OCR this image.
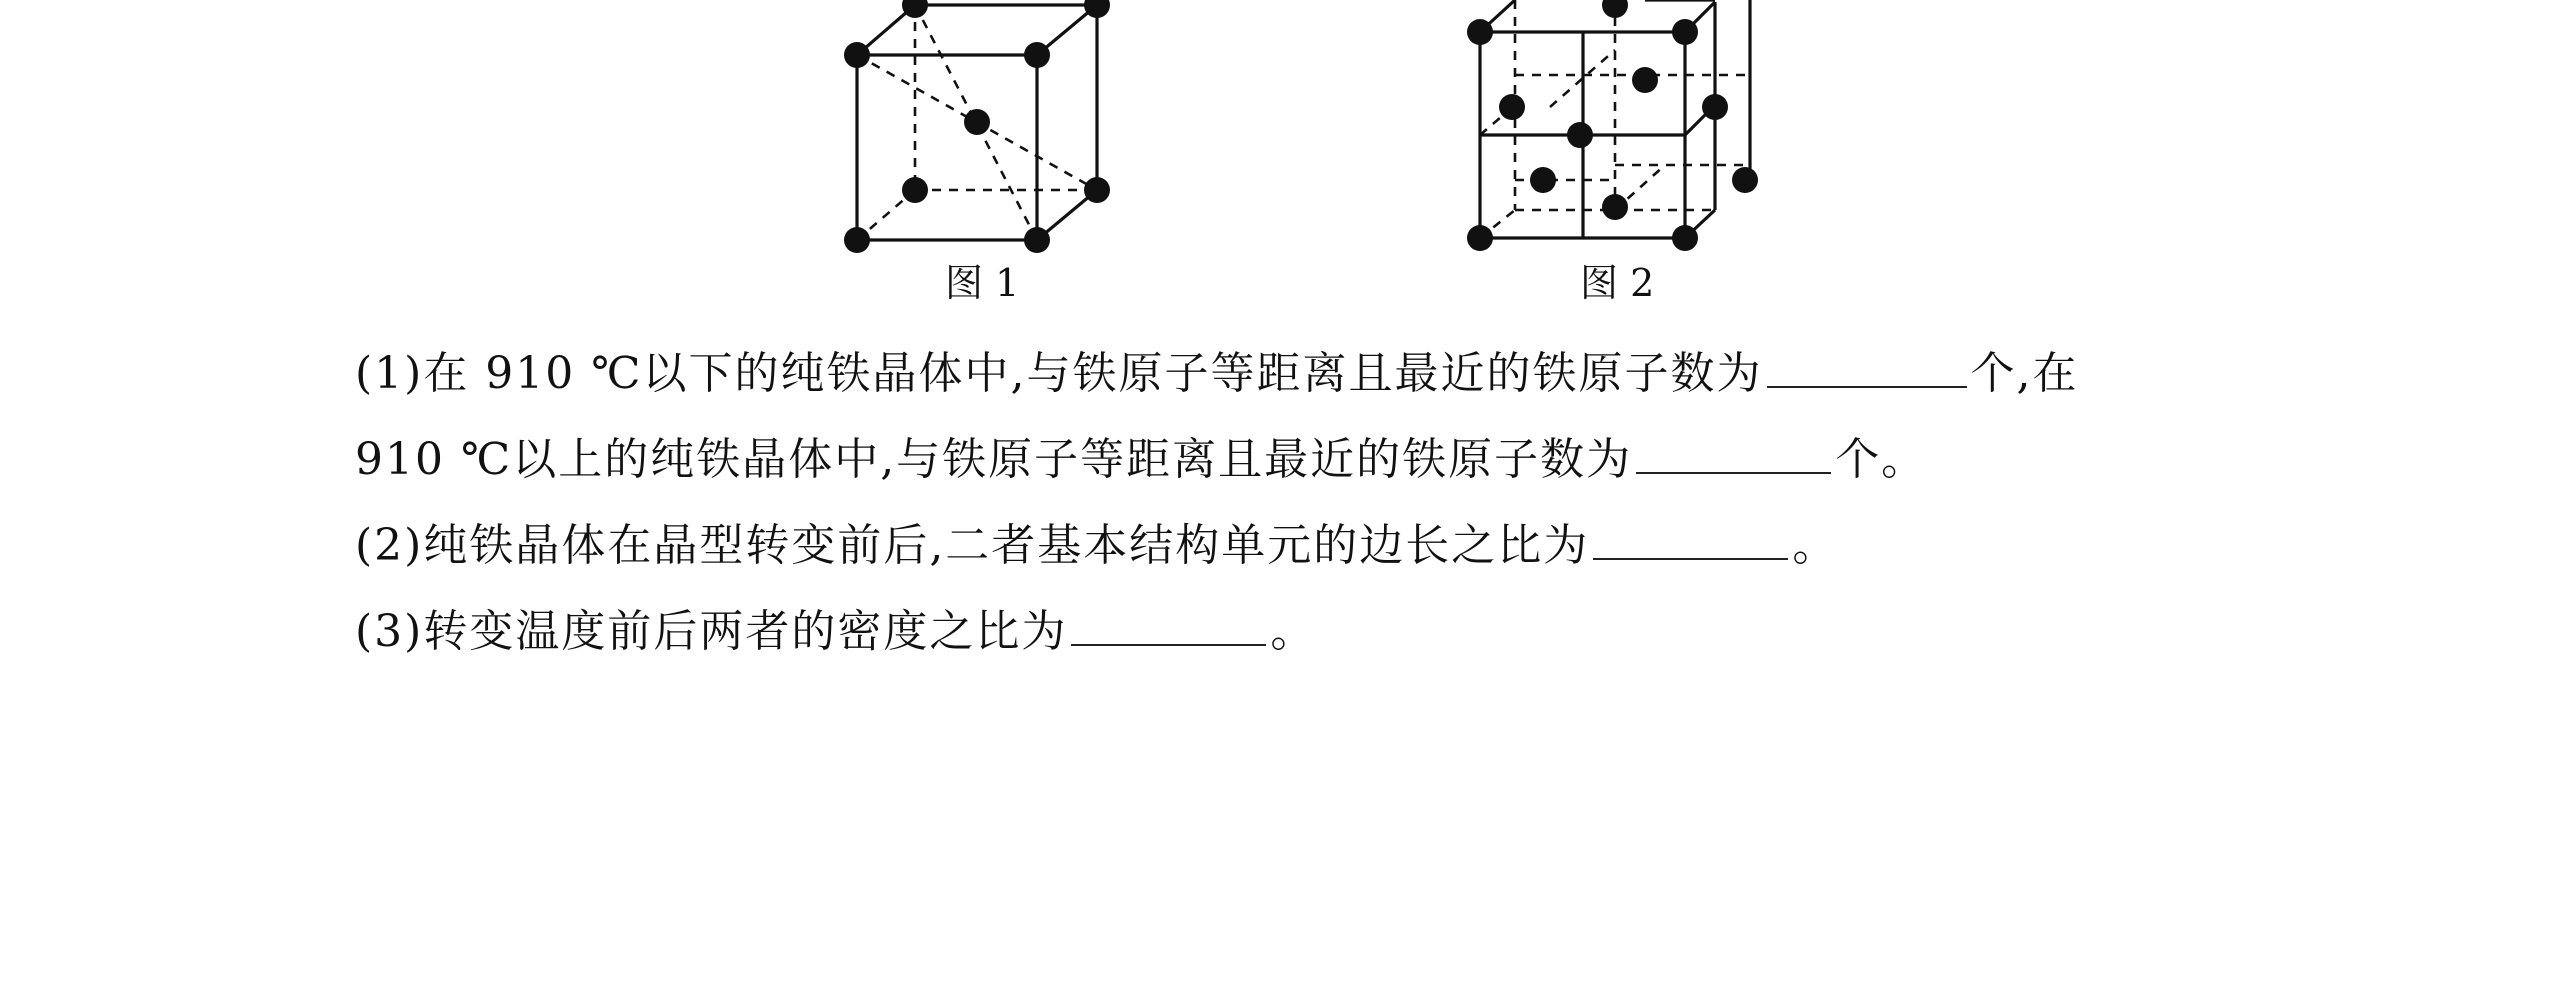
图 1	图 2
(1)在 910 ℃以下的纯铁晶体中,与铁原子等距离且最近的铁原子数为	个,在
910 ℃以上的纯铁晶体中,与铁原子等距离且最近的铁原子数为	个。
(2)纯铁晶体在晶型转变前后,二者基本结构单元的边长之比为	。
(3)转变温度前后两者的密度之比为	。
